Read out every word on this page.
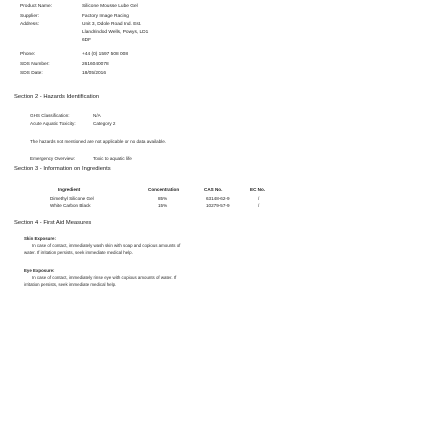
Product Name:	Silicone Mousse Lube Gel
Supplier:	Factory Image Racing
Address:	Unit 3, Ddole Road Ind. Est.
Llandrindod Wells, Powys, LD1
6DF
Phone:	+44 (0) 1597 508 008
SDS Number:	2616040078
SDS Date:	18/05/2016
Section 2 - Hazards Identification
GHS Classification:	N/A
Acute Aquatic Toxicity:	Category 2
The hazards not mentioned are not applicable or no data available.
Emergency Overview:	Toxic to aquatic life
Section 3 - Information on Ingredients
Ingredient	Concentration	CAS No.	EC No.
Dimethyl Silicone Gel	85%	63148-62-9	/
White Carbon Black	15%	10279-57-9	/
Section 4 - First Aid Measures
Skin Exposure:
In case of contact, immediately wash skin with soap and copious amounts of
water. If irritation persists, seek immediate medical help.
Eye Exposure:
In case of contact, immediately rinse eye with copious amounts of water. If
irritation persists, seek immediate medical help.
